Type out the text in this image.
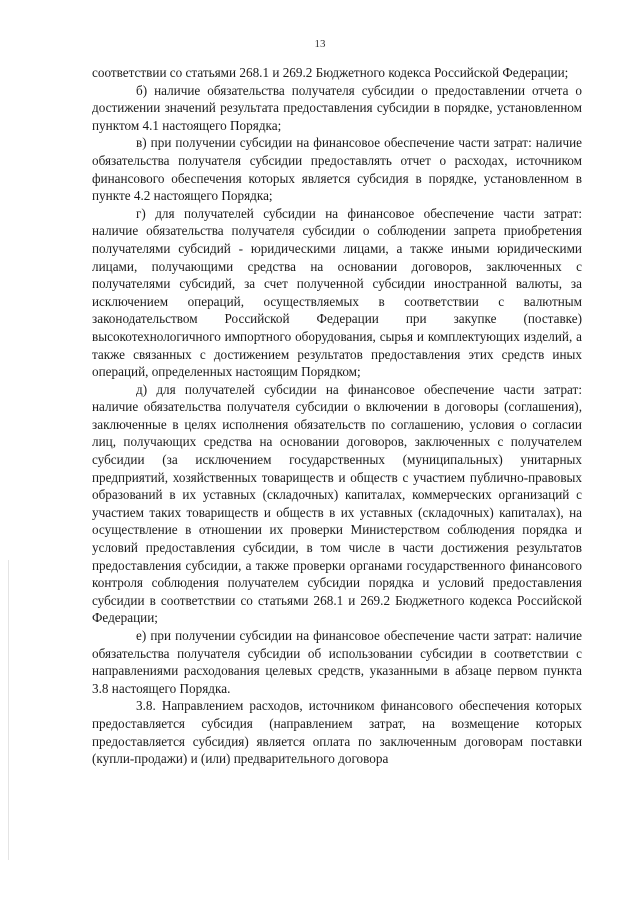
13

соответствии со статьями 268.1 и 269.2 Бюджетного кодекса Российской Федерации;

б) наличие обязательства получателя субсидии о предоставлении отчета о достижении значений результата предоставления субсидии в порядке, установленном пунктом 4.1 настоящего Порядка;

в) при получении субсидии на финансовое обеспечение части затрат: наличие обязательства получателя субсидии предоставлять отчет о расходах, источником финансового обеспечения которых является субсидия в порядке, установленном в пункте 4.2 настоящего Порядка;

г) для получателей субсидии на финансовое обеспечение части затрат: наличие обязательства получателя субсидии о соблюдении запрета приобретения получателями субсидий - юридическими лицами, а также иными юридическими лицами, получающими средства на основании договоров, заключенных с получателями субсидий, за счет полученной субсидии иностранной валюты, за исключением операций, осуществляемых в соответствии с валютным законодательством Российской Федерации при закупке (поставке) высокотехнологичного импортного оборудования, сырья и комплектующих изделий, а также связанных с достижением результатов предоставления этих средств иных операций, определенных настоящим Порядком;

д) для получателей субсидии на финансовое обеспечение части затрат: наличие обязательства получателя субсидии о включении в договоры (соглашения), заключенные в целях исполнения обязательств по соглашению, условия о согласии лиц, получающих средства на основании договоров, заключенных с получателем субсидии (за исключением государственных (муниципальных) унитарных предприятий, хозяйственных товариществ и обществ с участием публично-правовых образований в их уставных (складочных) капиталах, коммерческих организаций с участием таких товариществ и обществ в их уставных (складочных) капиталах), на осуществление в отношении их проверки Министерством соблюдения порядка и условий предоставления субсидии, в том числе в части достижения результатов предоставления субсидии, а также проверки органами государственного финансового контроля соблюдения получателем субсидии порядка и условий предоставления субсидии в соответствии со статьями 268.1 и 269.2 Бюджетного кодекса Российской Федерации;

е) при получении субсидии на финансовое обеспечение части затрат: наличие обязательства получателя субсидии об использовании субсидии в соответствии с направлениями расходования целевых средств, указанными в абзаце первом пункта 3.8 настоящего Порядка.

3.8. Направлением расходов, источником финансового обеспечения которых предоставляется субсидия (направлением затрат, на возмещение которых предоставляется субсидия) является оплата по заключенным договорам поставки (купли-продажи) и (или) предварительного договора
